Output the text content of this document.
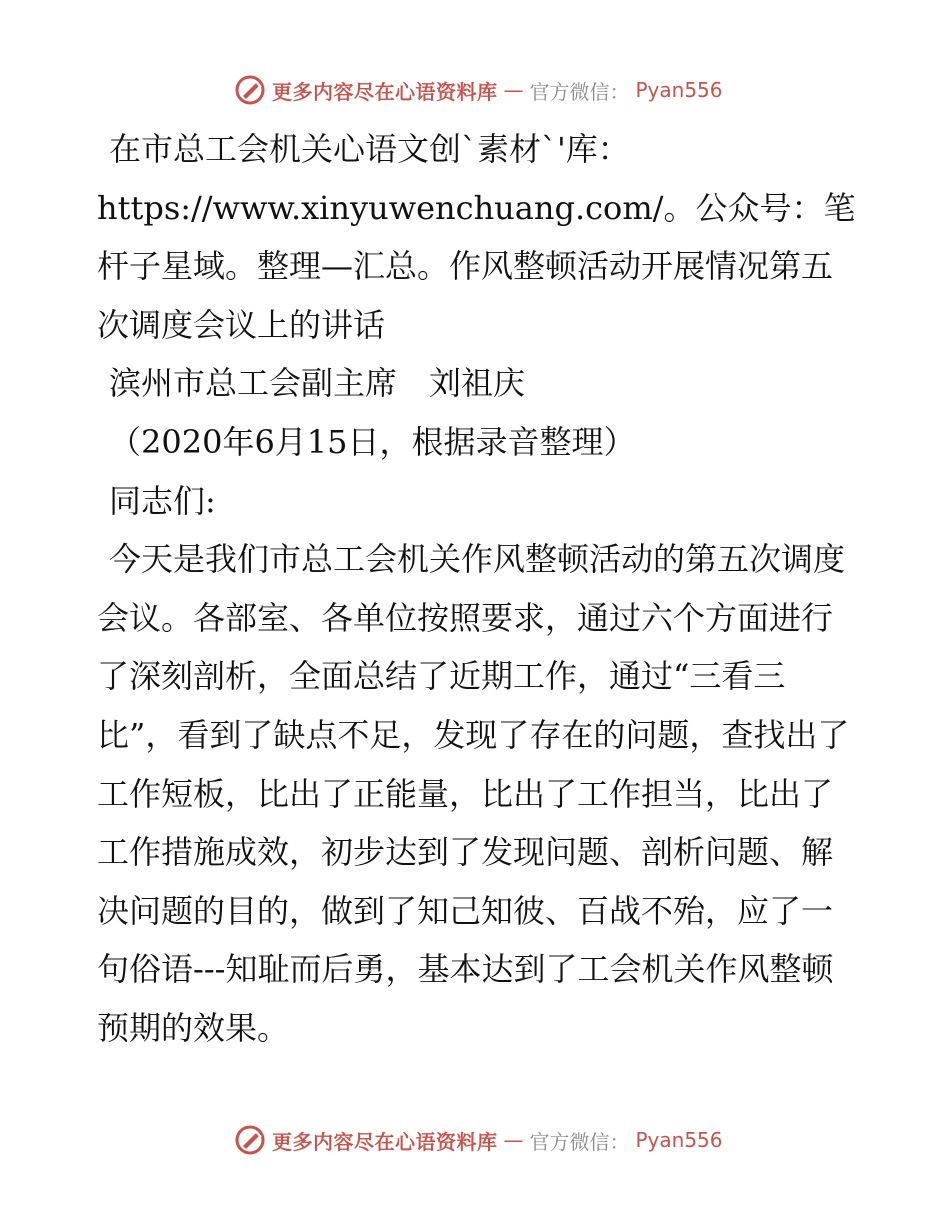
更多内容尽在心语资料库 — 官方微信： Pyan556

在市总工会机关心语文创`素材`'库：https://www.xinyuwenchuang.com/。公众号：笔杆子星域。整理—汇总。作风整顿活动开展情况第五次调度会议上的讲话

滨州市总工会副主席　刘祖庆

（2020年6月15日，根据录音整理）

同志们:

今天是我们市总工会机关作风整顿活动的第五次调度会议。各部室、各单位按照要求，通过六个方面进行了深刻剖析，全面总结了近期工作，通过“三看三比”，看到了缺点不足，发现了存在的问题，查找出了工作短板，比出了正能量，比出了工作担当，比出了工作措施成效，初步达到了发现问题、剖析问题、解决问题的目的，做到了知己知彼、百战不殆，应了一句俗语---知耻而后勇，基本达到了工会机关作风整顿预期的效果。

更多内容尽在心语资料库 — 官方微信： Pyan556
